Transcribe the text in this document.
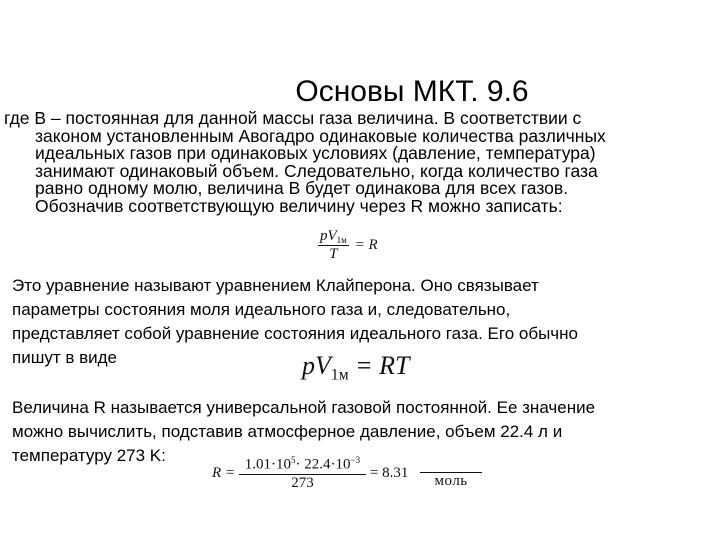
Основы МКТ. 9.6
где B – постоянная для данной массы газа величина. В соответствии с
законом установленным Авогадро одинаковые количества различных
идеальных газов при одинаковых условиях (давление, температура)
занимают одинаковый объем. Следовательно, когда количество газа
равно одному молю, величина B будет одинакова для всех газов.
Обозначив соответствующую величину через R можно записать:
$\frac{pV_{1м}}{T} = R$
Это уравнение называют уравнением Клайперона. Оно связывает
параметры состояния моля идеального газа и, следовательно,
представляет собой уравнение состояния идеального газа. Его обычно
пишут в виде	$pV_{1м}$ = RT
Величина R называется универсальной газовой постоянной. Ее значение
можно вычислить, подставив атмосферное давление, объем 22.4 л и
температуру 273 K:
$R = \frac{1.01\cdot 10^5\cdot 22.4\cdot 10^{-3}}{273} = 8.31$	моль
